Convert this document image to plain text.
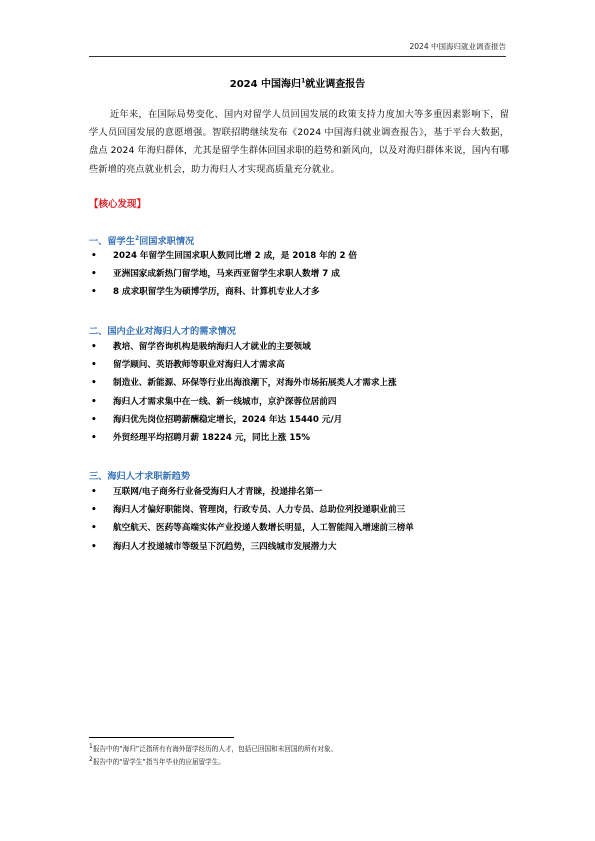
2024 中国海归就业调查报告
2024 中国海归$^1$就业调查报告

近年来，在国际局势变化、国内对留学人员回国发展的政策支持力度加大等多重因素影响下，留学人员回国发展的意愿增强。智联招聘继续发布《2024 中国海归就业调查报告》，基于平台大数据，盘点 2024 年海归群体，尤其是留学生群体回国求职的趋势和新风向，以及对海归群体来说，国内有哪些新增的亮点就业机会，助力海归人才实现高质量充分就业。

【核心发现】
一、留学生$^2$回国求职情况
• 2024 年留学生回国求职人数同比增 2 成，是 2018 年的 2 倍
• 亚洲国家成新热门留学地，马来西亚留学生求职人数增 7 成
• 8 成求职留学生为硕博学历，商科、计算机专业人才多
二、国内企业对海归人才的需求情况
• 教培、留学咨询机构是吸纳海归人才就业的主要领域
• 留学顾问、英语教师等职业对海归人才需求高
• 制造业、新能源、环保等行业出海浪潮下，对海外市场拓展类人才需求上涨
• 海归人才需求集中在一线、新一线城市，京沪深蓉位居前四
• 海归优先岗位招聘薪酬稳定增长，2024 年达 15440 元/月
• 外贸经理平均招聘月薪 18224 元，同比上涨 15%
三、海归人才求职新趋势
• 互联网/电子商务行业备受海归人才青睐，投递排名第一
• 海归人才偏好职能岗、管理岗，行政专员、人力专员、总助位列投递职业前三
• 航空航天、医药等高端实体产业投递人数增长明显，人工智能闯入增速前三榜单
• 海归人才投递城市等级呈下沉趋势，三四线城市发展潜力大
$^1$报告中的“海归”泛指所有有海外留学经历的人才，包括已回国和未回国的所有对象。
$^2$报告中的“留学生”指当年毕业的应届留学生。
